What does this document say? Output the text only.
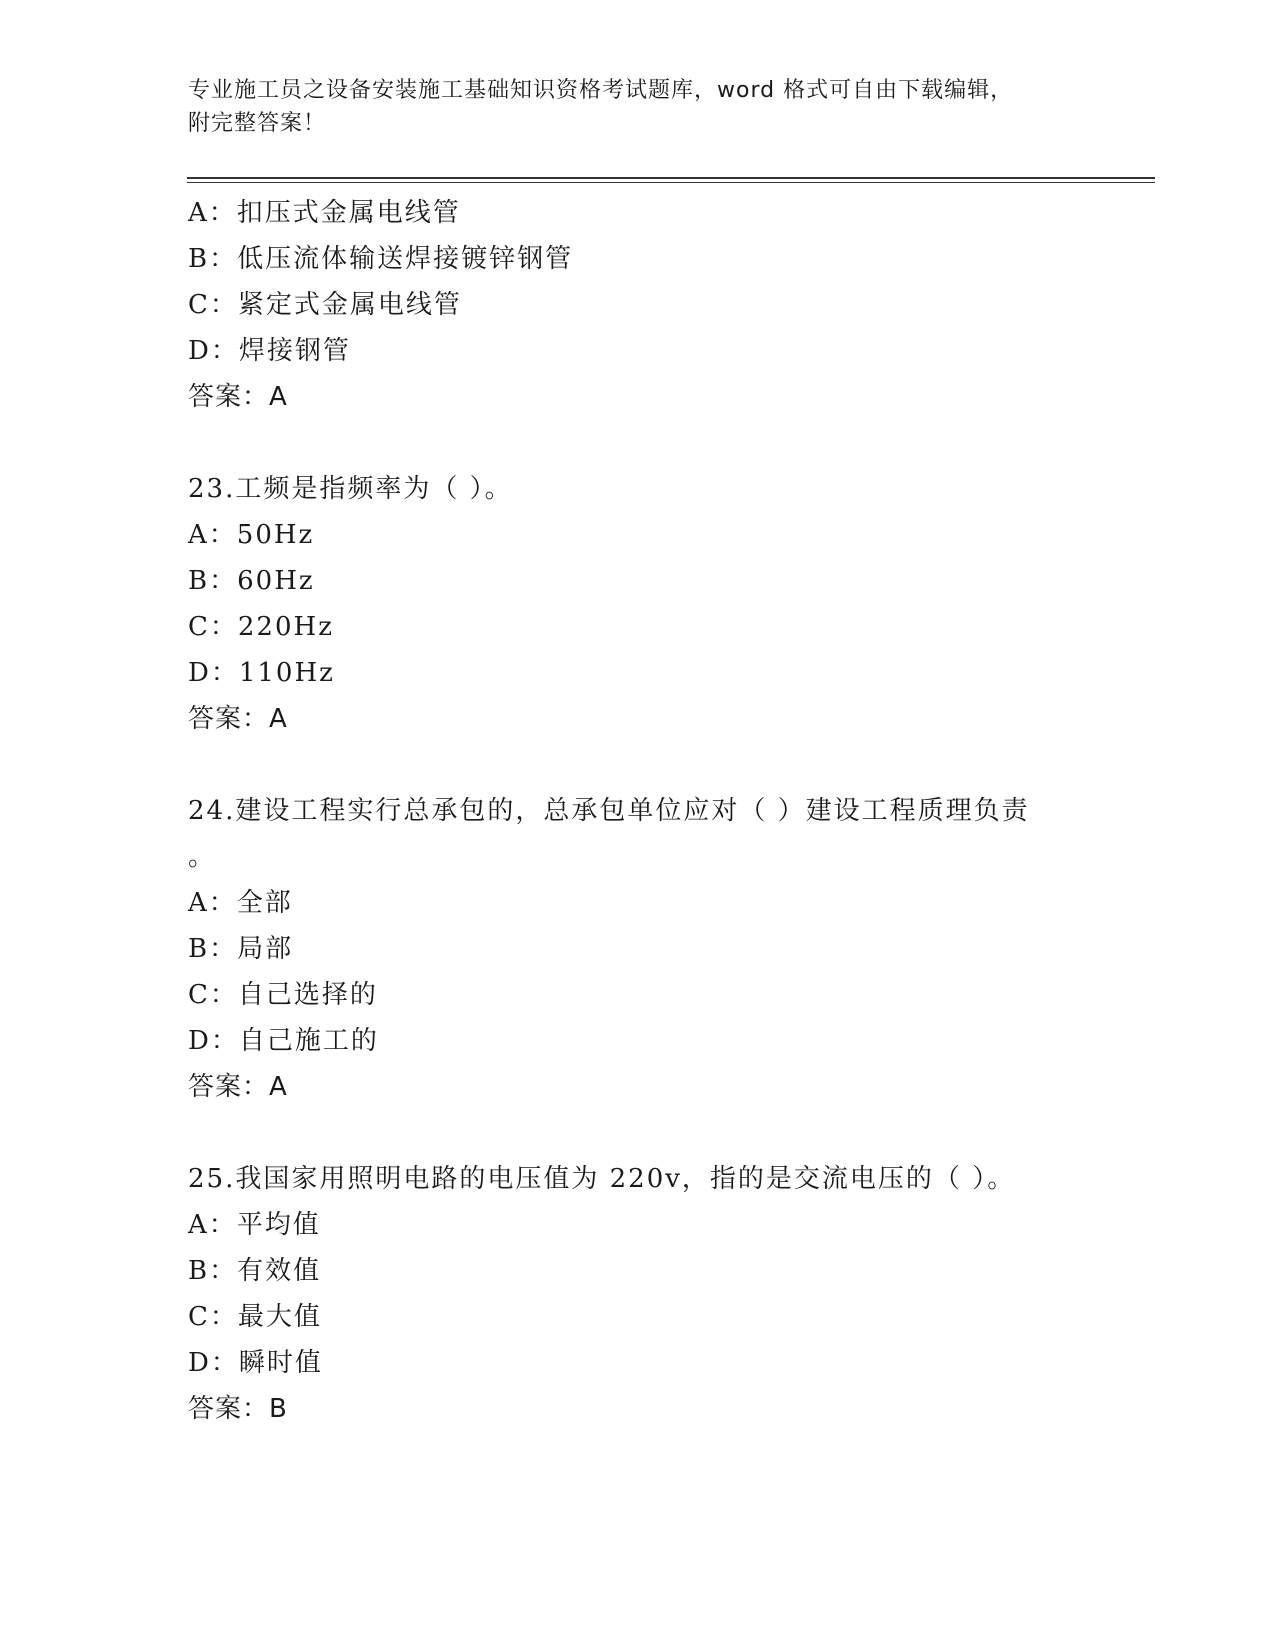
专业施工员之设备安装施工基础知识资格考试题库，word 格式可自由下载编辑，
附完整答案！
A：扣压式金属电线管
B：低压流体输送焊接镀锌钢管
C：紧定式金属电线管
D：焊接钢管
答案：A
23.工频是指频率为（ ）。
A：50Hz
B：60Hz
C：220Hz
D：110Hz
答案：A
24.建设工程实行总承包的，总承包单位应对（ ）建设工程质理负责
。
A：全部
B：局部
C：自己选择的
D：自己施工的
答案：A
25.我国家用照明电路的电压值为 220v，指的是交流电压的（ ）。
A：平均值
B：有效值
C：最大值
D：瞬时值
答案：B
